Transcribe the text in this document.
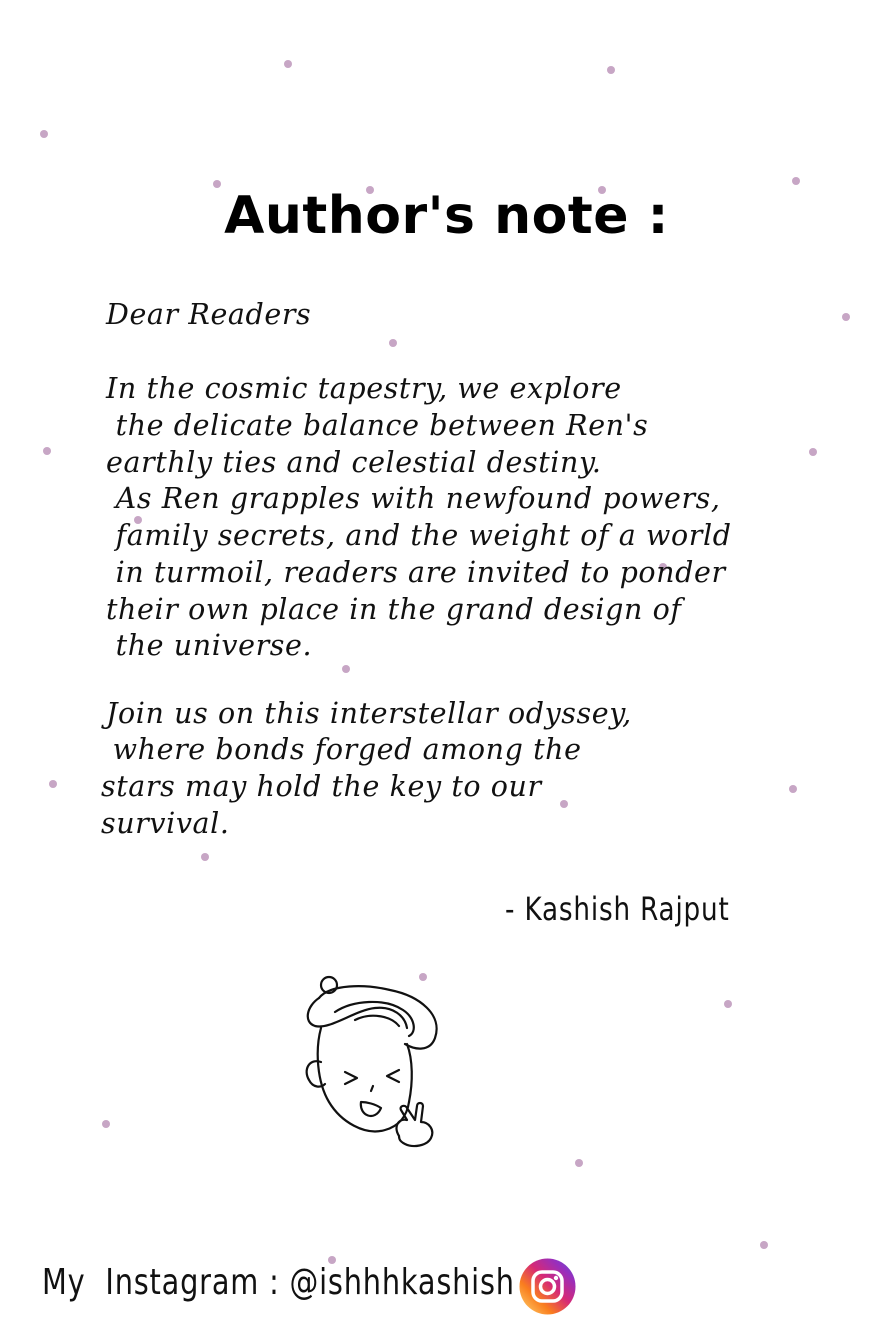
Author's note :
Dear Readers
In the cosmic tapestry, we explore
the delicate balance between Ren's
earthly ties and celestial destiny.
As Ren grapples with newfound powers,
family secrets, and the weight of a world
in turmoil, readers are invited to ponder
their own place in the grand design of
the universe.
Join us on this interstellar odyssey,
where bonds forged among the
stars may hold the key to our
survival.
- Kashish Rajput
My  Instagram : @ishhhkashish
